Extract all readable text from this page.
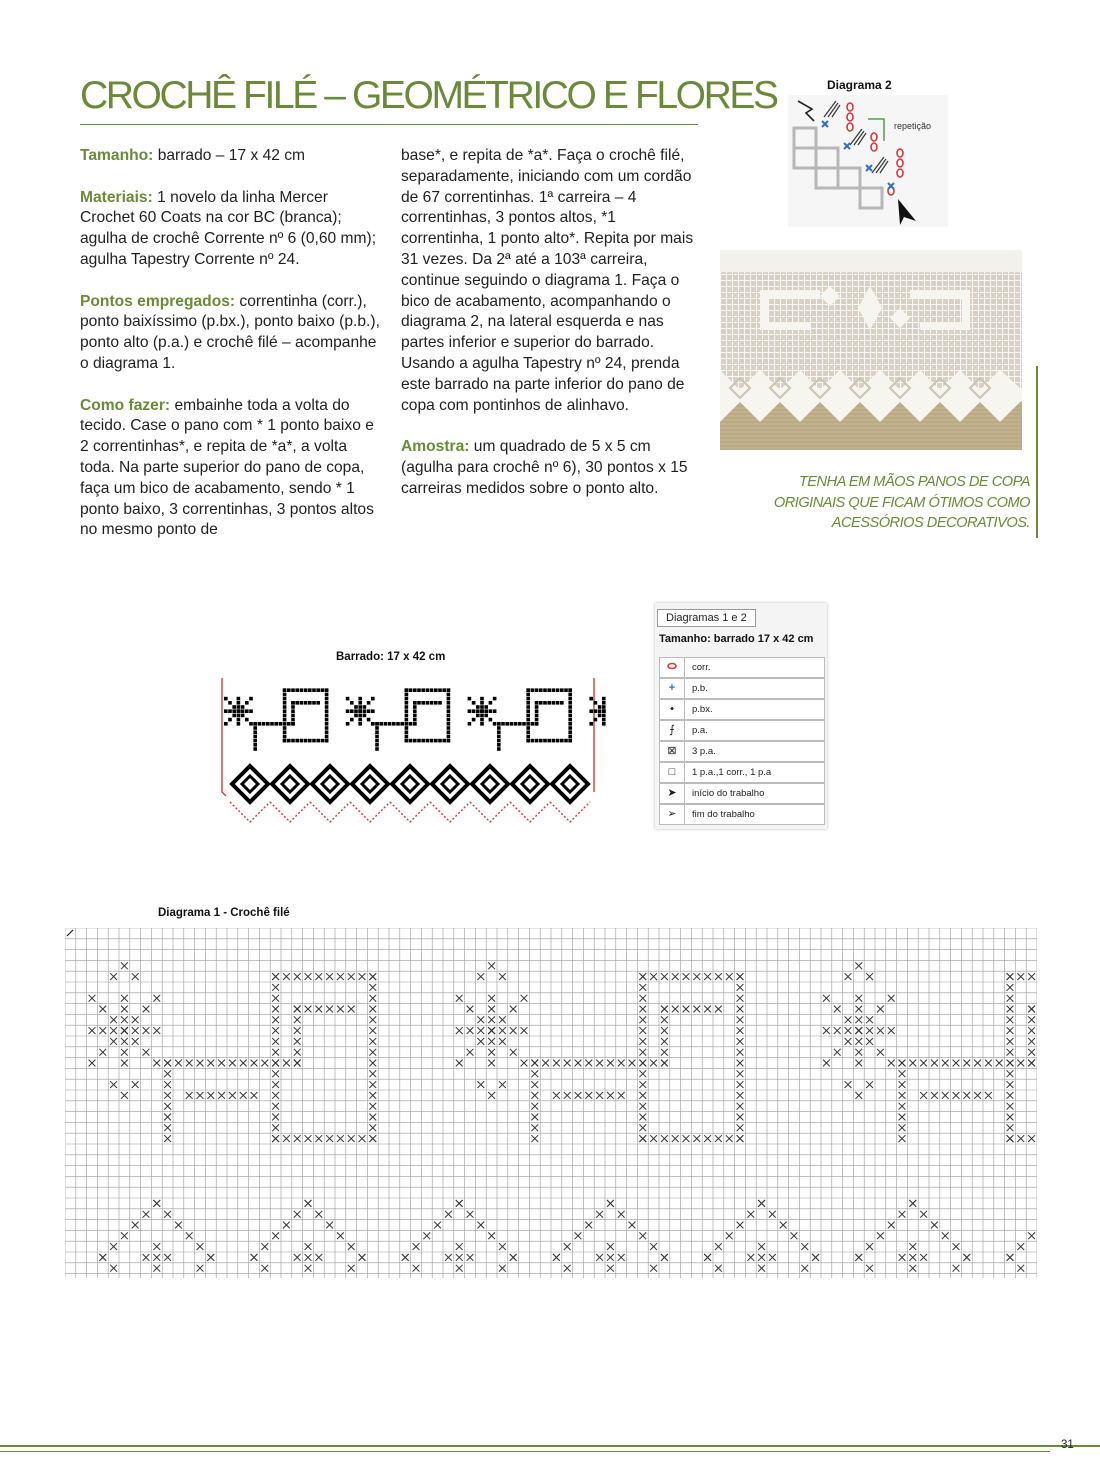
CROCHÊ FILÉ – GEOMÉTRICO E FLORES

Tamanho: barrado – 17 x 42 cm

Materiais: 1 novelo da linha Mercer Crochet 60 Coats na cor BC (branca); agulha de crochê Corrente nº 6 (0,60 mm); agulha Tapestry Corrente nº 24.

Pontos empregados: correntinha (corr.), ponto baixíssimo (p.bx.), ponto baixo (p.b.), ponto alto (p.a.) e crochê filé – acompanhe o diagrama 1.

Como fazer: embainhe toda a volta do tecido. Case o pano com * 1 ponto baixo e 2 correntinhas*, e repita de *a*, a volta toda. Na parte superior do pano de copa, faça um bico de acabamento, sendo * 1 ponto baixo, 3 correntinhas, 3 pontos altos no mesmo ponto de

base*, e repita de *a*. Faça o crochê filé, separadamente, iniciando com um cordão de 67 correntinhas. 1ª carreira – 4 correntinhas, 3 pontos altos, *1 correntinha, 1 ponto alto*. Repita por mais 31 vezes. Da 2ª até a 103ª carreira, continue seguindo o diagrama 1. Faça o bico de acabamento, acompanhando o diagrama 2, na lateral esquerda e nas partes inferior e superior do barrado. Usando a agulha Tapestry nº 24, prenda este barrado na parte inferior do pano de copa com pontinhos de alinhavo.

Amostra: um quadrado de 5 x 5 cm (agulha para crochê nº 6), 30 pontos x 15 carreiras medidos sobre o ponto alto.

Diagrama 2
repetição
TENHA EM MÃOS PANOS DE COPA ORIGINAIS QUE FICAM ÓTIMOS COMO ACESSÓRIOS DECORATIVOS.
Barrado: 17 x 42 cm
Diagramas 1 e 2
Tamanho: barrado 17 x 42 cm
corr.
+	p.b.
•	p.bx.
⨍	p.a.
⊠	3 p.a.
□	1 p.a.,1 corr., 1 p.a
➤	início do trabalho
➢	fim do trabalho
Diagrama 1 - Crochê filé
31
